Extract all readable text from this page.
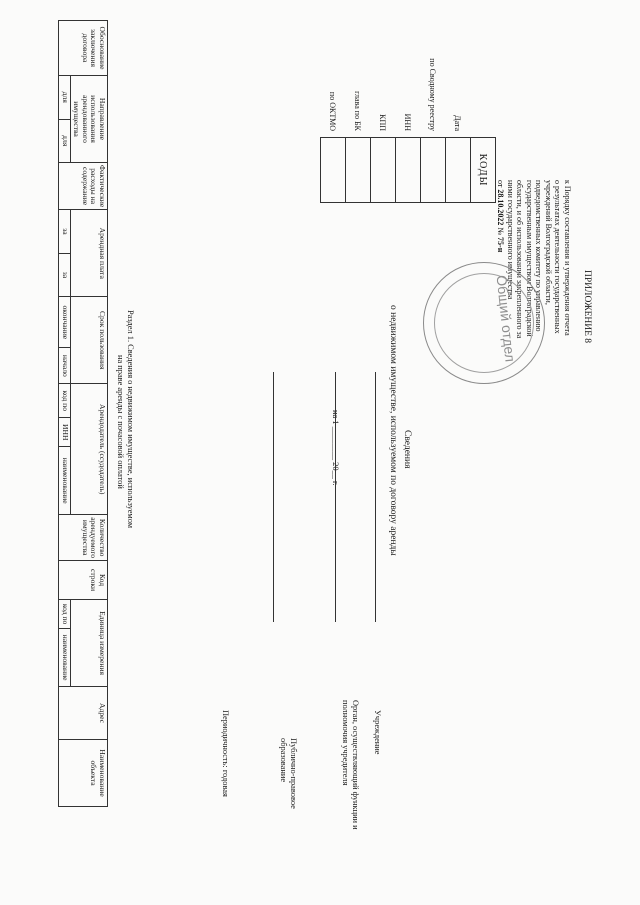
ПРИЛОЖЕНИЕ 8
к Порядку составления и утверждения отчета
о результатах деятельности государственных
учреждений Волгоградской области,
подведомственных комитету по управлению
государственным имуществом Волгоградской
области, и об использовании закрепленного за
ними государственного имущества
от 28.10.2022 № 75-н
Общий отдел
Сведения
о недвижимом имуществе, используемом по договору аренды
на 1 ________ 20__ г.
Учреждение
Орган, осуществляющий функции и полномочия учредителя
Публично-правовое образование
Периодичность: годовая
	КОДЫ
Дата	
по Сводному реестру	
ИНН	
КПП	
глава по БК	
по ОКТМО	
Раздел 1. Сведения о недвижимом имуществе, используемом
на праве аренды с почасовой оплатой
Обоснование заключения договора	Направление использования арендованного имущества		Фактические расходы на содержание	Арендная плата		Срок пользования		Арендодатель (ссудодатель)			Количество арендуемого имущества	Код строки	Единица измерения		Адрес	Наименование объекта
	для	для		за	за	окончание	начало	код по	ИНН	наименование			код по	наименование		
